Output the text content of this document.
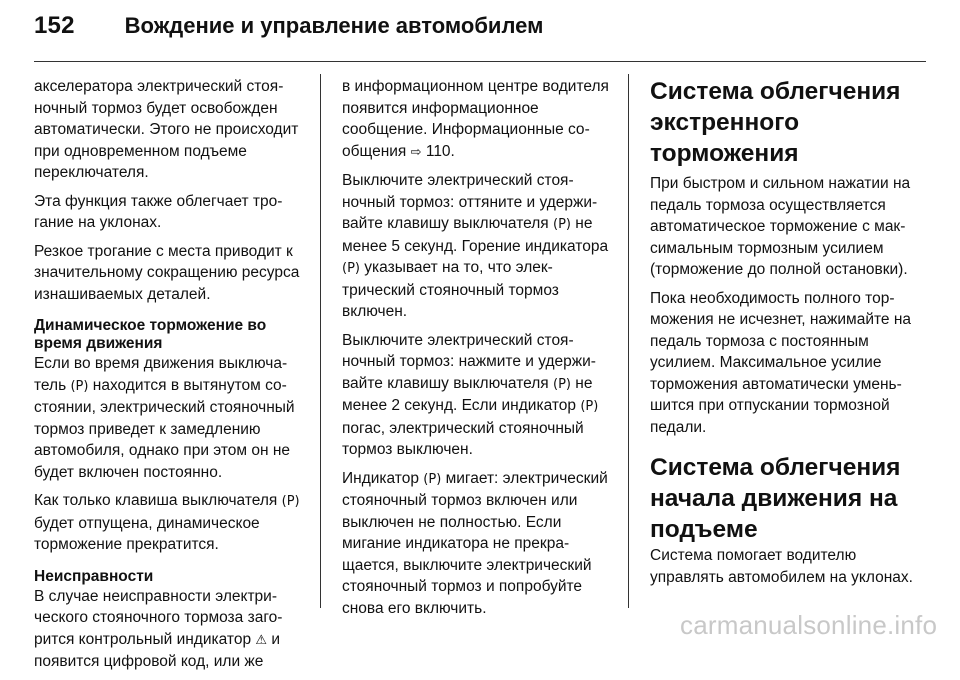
152 Вождение и управление автомобилем

акселератора электрический стояночный тормоз будет освобожден автоматически. Этого не происходит при одновременном подъеме переключателя.

Эта функция также облегчает трогание на уклонах.

Резкое трогание с места приводит к значительному сокращению ресурса изнашиваемых деталей.

Динамическое торможение во время движения

Если во время движения выключатель (P) находится в вытянутом состоянии, электрический стояночный тормоз приведет к замедлению автомобиля, однако при этом он не будет включен постоянно.

Как только клавиша выключателя (P) будет отпущена, динамическое торможение прекратится.

Неисправности

В случае неисправности электрического стояночного тормоза загорится контрольный индикатор ⚠ и появится цифровой код, или же

в информационном центре водителя появится информационное сообщение. Информационные сообщения ⇨ 110.

Выключите электрический стояночный тормоз: оттяните и удерживайте клавишу выключателя (P) не менее 5 секунд. Горение индикатора (P) указывает на то, что электрический стояночный тормоз включен.

Выключите электрический стояночный тормоз: нажмите и удерживайте клавишу выключателя (P) не менее 2 секунд. Если индикатор (P) погас, электрический стояночный тормоз выключен.

Индикатор (P) мигает: электрический стояночный тормоз включен или выключен не полностью. Если мигание индикатора не прекращается, выключите электрический стояночный тормоз и попробуйте снова его включить.

Система облегчения экстренного торможения

При быстром и сильном нажатии на педаль тормоза осуществляется автоматическое торможение с максимальным тормозным усилием (торможение до полной остановки).

Пока необходимость полного торможения не исчезнет, нажимайте на педаль тормоза с постоянным усилием. Максимальное усилие торможения автоматически уменьшится при отпускании тормозной педали.

Система облегчения начала движения на подъеме

Система помогает водителю управлять автомобилем на уклонах.

carmanualsonline.info
